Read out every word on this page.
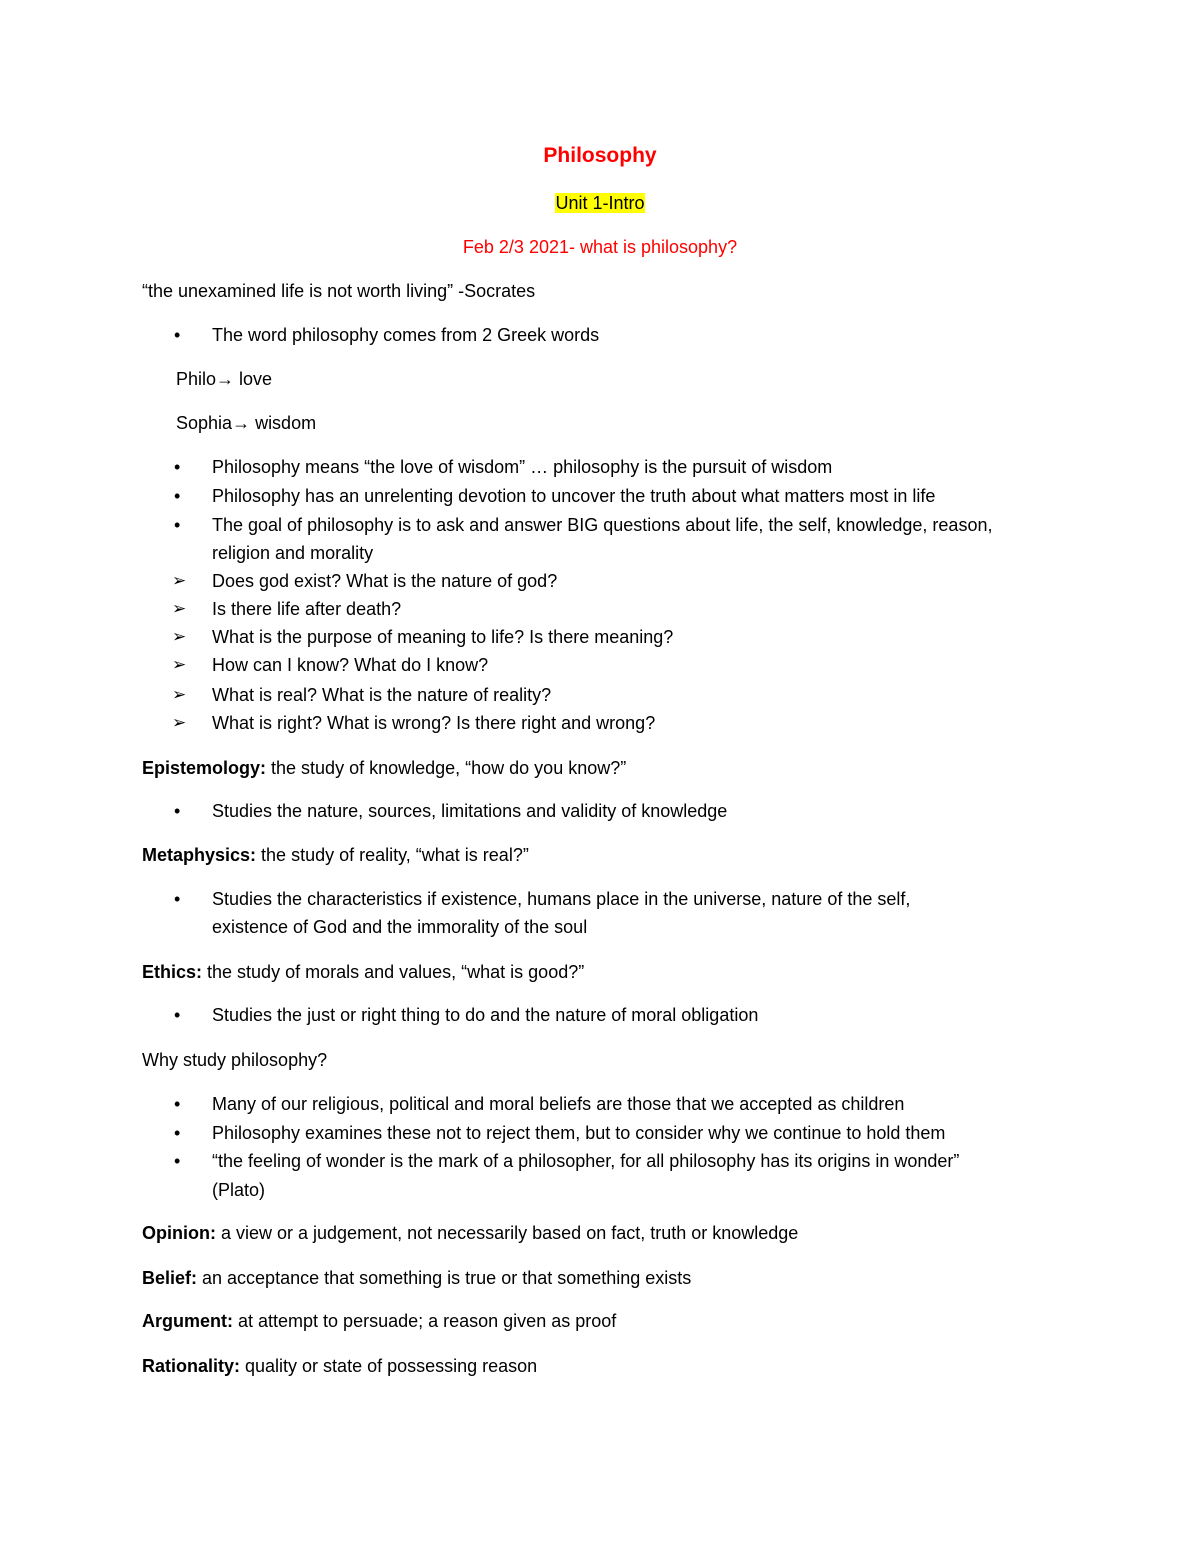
Philosophy
Unit 1-Intro
Feb 2/3 2021- what is philosophy?
“the unexamined life is not worth living” -Socrates
• The word philosophy comes from 2 Greek words
Philo→ love
Sophia→ wisdom
• Philosophy means “the love of wisdom” … philosophy is the pursuit of wisdom
• Philosophy has an unrelenting devotion to uncover the truth about what matters most in life
• The goal of philosophy is to ask and answer BIG questions about life, the self, knowledge, reason,
religion and morality
➢ Does god exist? What is the nature of god?
➢ Is there life after death?
➢ What is the purpose of meaning to life? Is there meaning?
➢ How can I know? What do I know?
➢ What is real? What is the nature of reality?
➢ What is right? What is wrong? Is there right and wrong?
Epistemology: the study of knowledge, “how do you know?”
• Studies the nature, sources, limitations and validity of knowledge
Metaphysics: the study of reality, “what is real?”
• Studies the characteristics if existence, humans place in the universe, nature of the self,
existence of God and the immorality of the soul
Ethics: the study of morals and values, “what is good?”
• Studies the just or right thing to do and the nature of moral obligation
Why study philosophy?
• Many of our religious, political and moral beliefs are those that we accepted as children
• Philosophy examines these not to reject them, but to consider why we continue to hold them
• “the feeling of wonder is the mark of a philosopher, for all philosophy has its origins in wonder”
(Plato)
Opinion: a view or a judgement, not necessarily based on fact, truth or knowledge
Belief: an acceptance that something is true or that something exists
Argument: at attempt to persuade; a reason given as proof
Rationality: quality or state of possessing reason
